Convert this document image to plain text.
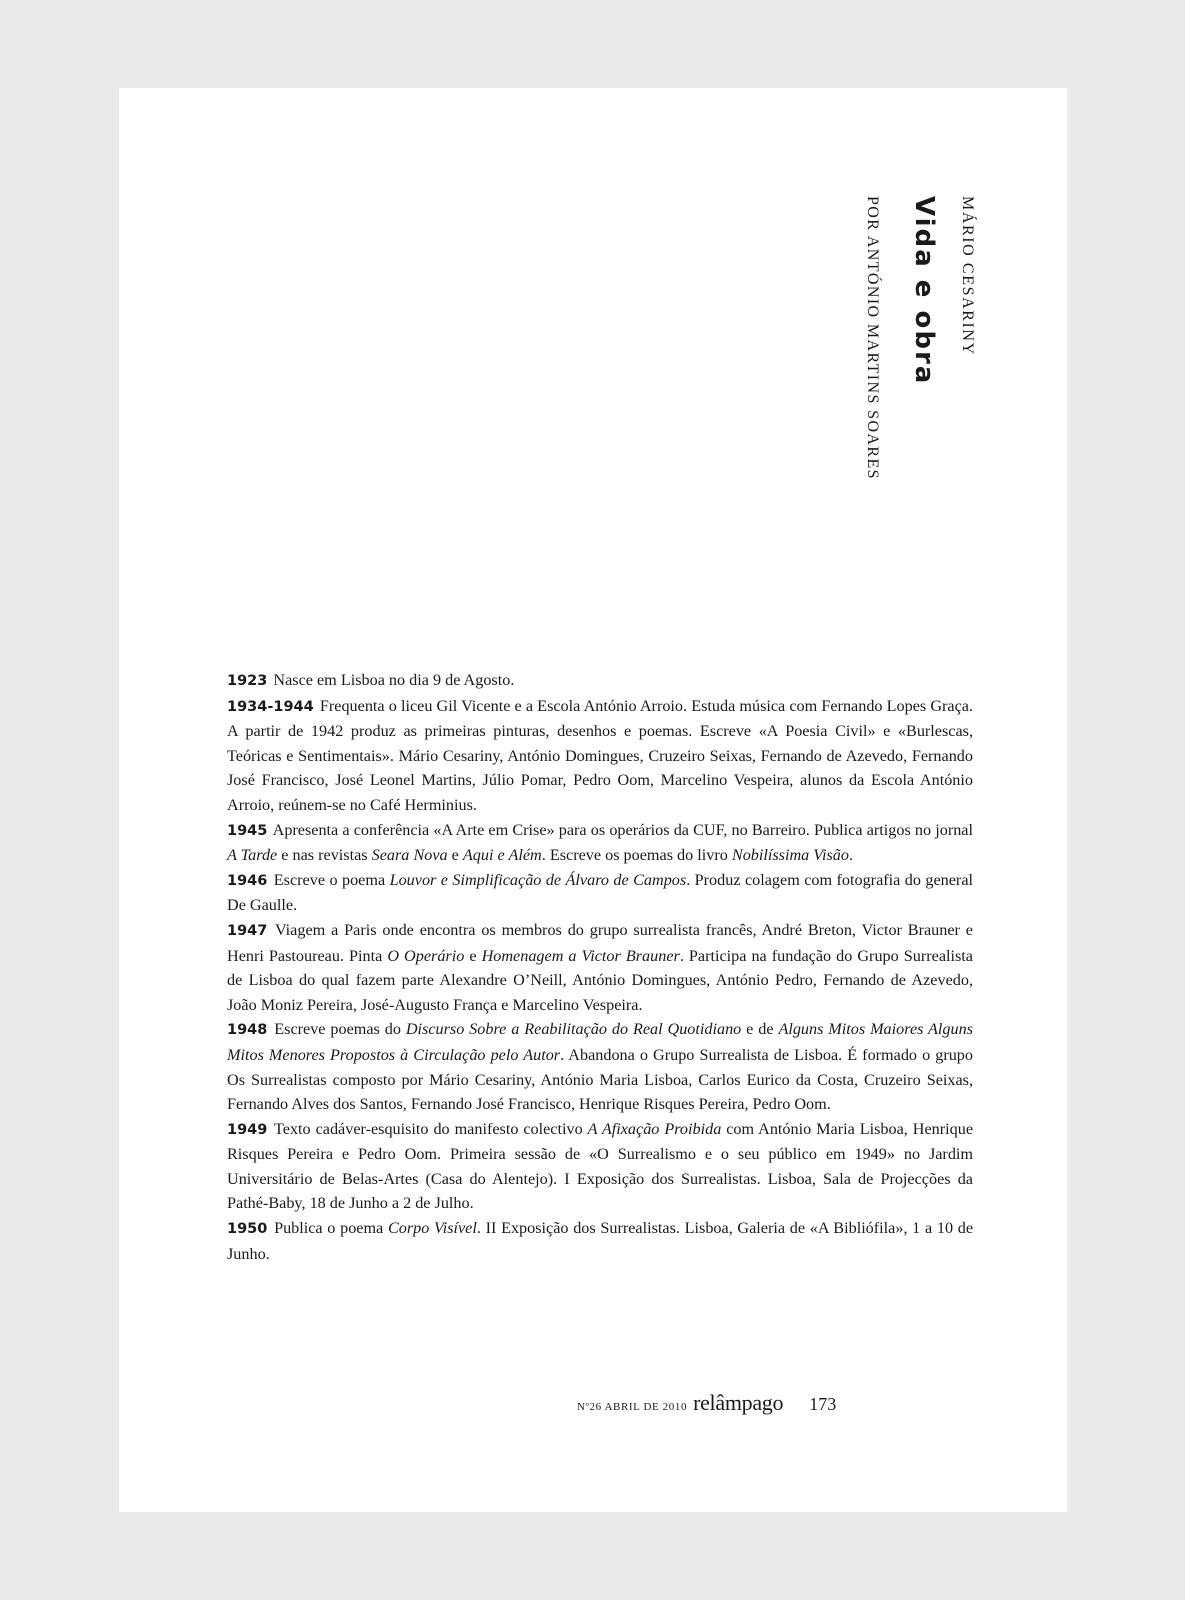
MÁRIO CESARINY
Vida e obra
POR ANTÓNIO MARTINS SOARES

1923 Nasce em Lisboa no dia 9 de Agosto.

1934-1944 Frequenta o liceu Gil Vicente e a Escola António Arroio. Estuda música com Fernando Lopes Graça. A partir de 1942 produz as primeiras pinturas, desenhos e poemas. Escreve «A Poesia Civil» e «Burlescas, Teóricas e Sentimentais». Mário Cesariny, António Domingues, Cruzeiro Seixas, Fernando de Azevedo, Fernando José Francisco, José Leonel Martins, Júlio Pomar, Pedro Oom, Marcelino Vespeira, alunos da Escola António Arroio, reúnem-se no Café Herminius.

1945 Apresenta a conferência «A Arte em Crise» para os operários da CUF, no Barreiro. Publica artigos no jornal A Tarde e nas revistas Seara Nova e Aqui e Além. Escreve os poemas do livro Nobilíssima Visão.

1946 Escreve o poema Louvor e Simplificação de Álvaro de Campos. Produz colagem com fotografia do general De Gaulle.

1947 Viagem a Paris onde encontra os membros do grupo surrealista francês, André Breton, Victor Brauner e Henri Pastoureau. Pinta O Operário e Homenagem a Victor Brauner. Participa na fundação do Grupo Surrealista de Lisboa do qual fazem parte Alexandre O’Neill, António Domingues, António Pedro, Fernando de Azevedo, João Moniz Pereira, José-Augusto França e Marcelino Vespeira.

1948 Escreve poemas do Discurso Sobre a Reabilitação do Real Quotidiano e de Alguns Mitos Maiores Alguns Mitos Menores Propostos à Circulação pelo Autor. Abandona o Grupo Surrealista de Lisboa. É formado o grupo Os Surrealistas composto por Mário Cesariny, António Maria Lisboa, Carlos Eurico da Costa, Cruzeiro Seixas, Fernando Alves dos Santos, Fernando José Francisco, Henrique Risques Pereira, Pedro Oom.

1949 Texto cadáver-esquisito do manifesto colectivo A Afixação Proibida com António Maria Lisboa, Henrique Risques Pereira e Pedro Oom. Primeira sessão de «O Surrealismo e o seu público em 1949» no Jardim Universitário de Belas-Artes (Casa do Alentejo). I Exposição dos Surrealistas. Lisboa, Sala de Projecções da Pathé-Baby, 18 de Junho a 2 de Julho.

1950 Publica o poema Corpo Visível. II Exposição dos Surrealistas. Lisboa, Galeria de «A Bibliófila», 1 a 10 de Junho.

Nº26 ABRIL DE 2010 relâmpago 173
